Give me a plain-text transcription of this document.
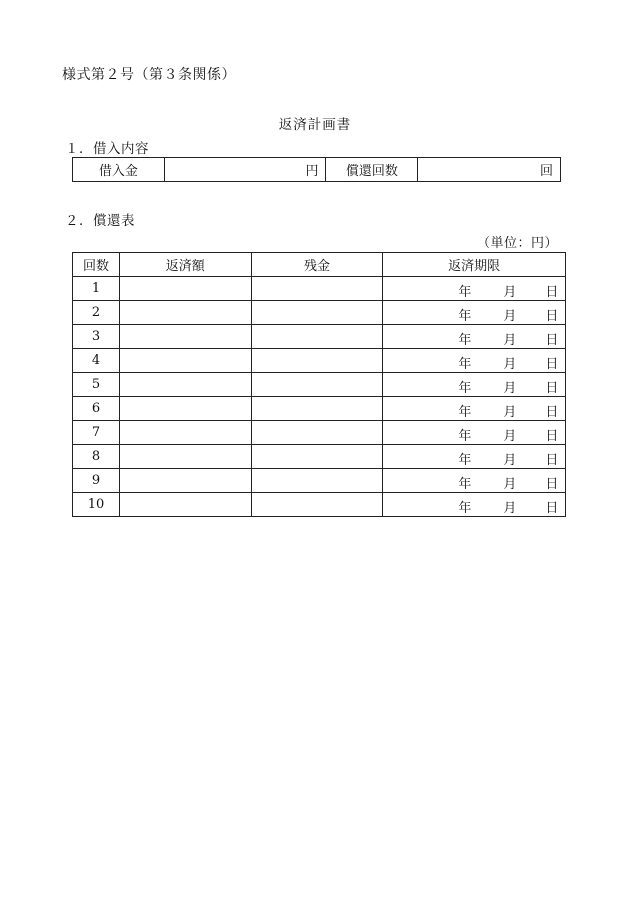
様式第２号（第３条関係）
返済計画書
１．借入内容
借入金	円	償還回数	回
２．償還表
（単位：円）
回数	返済額	残金	返済期限
1			年 月 日

2			年 月 日

3			年 月 日

4			年 月 日

5			年 月 日

6			年 月 日

7			年 月 日

8			年 月 日

9			年 月 日

10			年 月 日
